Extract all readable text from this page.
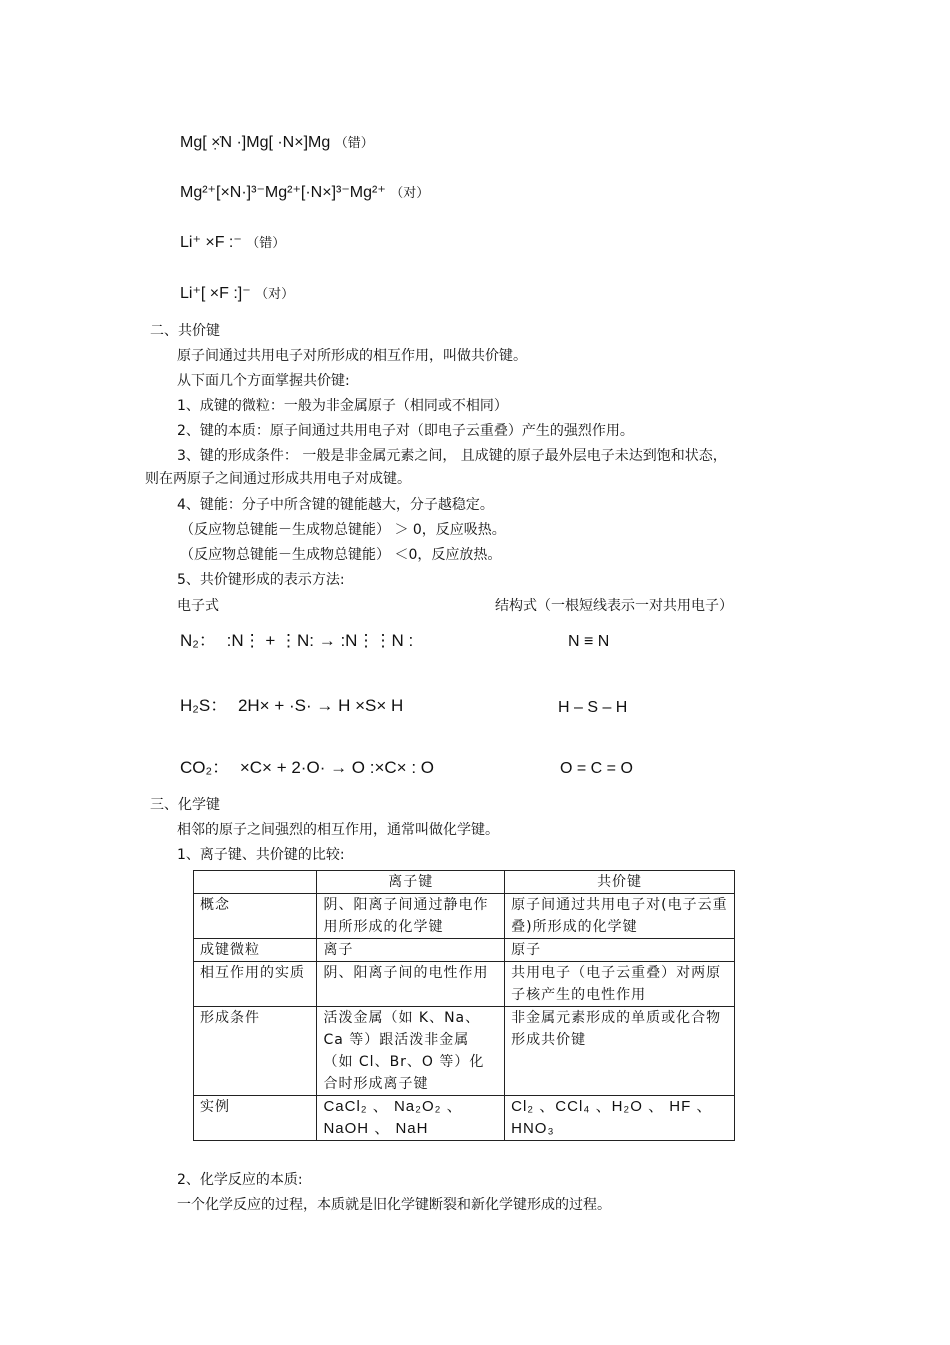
Mg[ ×̣̇N ·]Mg[ ·N×]Mg （错）
Mg²⁺[×N·]³⁻Mg²⁺[·N×]³⁻Mg²⁺ （对）
Li⁺ ×F :⁻ （错）
Li⁺[ ×F :]⁻ （对）
二、共价键
原子间通过共用电子对所形成的相互作用，叫做共价键。
从下面几个方面掌握共价键:
1、成键的微粒：一般为非金属原子（相同或不相同）
2、键的本质：原子间通过共用电子对（即电子云重叠）产生的强烈作用。
3、键的形成条件： 一般是非金属元素之间， 且成键的原子最外层电子未达到饱和状态，
则在两原子之间通过形成共用电子对成键。
4、键能：分子中所含键的键能越大，分子越稳定。
（反应物总键能－生成物总键能） ＞ 0，反应吸热。
（反应物总键能－生成物总键能） ＜0，反应放热。
5、共价键形成的表示方法:
电子式	结构式（一根短线表示一对共用电子）
N₂： :N⋮ + ⋮N: → :N⋮⋮N :	N ≡ N
H₂S： 2H× + ·S· → H ×S× H	H – S – H
CO₂： ×C× + 2·O· → O :×C× : O	O = C = O
三、化学键
相邻的原子之间强烈的相互作用，通常叫做化学键。
1、离子键、共价键的比较:
	离子键	共价键
概念	阴、阳离子间通过静电作用所形成的化学键	原子间通过共用电子对(电子云重叠)所形成的化学键
成键微粒	离子	原子
相互作用的实质	阴、阳离子间的电性作用	共用电子（电子云重叠）对两原子核产生的电性作用
形成条件	活泼金属（如 K、Na、Ca 等）跟活泼非金属（如 Cl、Br、O 等）化合时形成离子键	非金属元素形成的单质或化合物形成共价键
实例	CaCl₂ 、 Na₂O₂ 、 NaOH 、 NaH	Cl₂ 、CCl₄ 、H₂O 、 HF 、 HNO₃
2、化学反应的本质:
一个化学反应的过程，本质就是旧化学键断裂和新化学键形成的过程。
